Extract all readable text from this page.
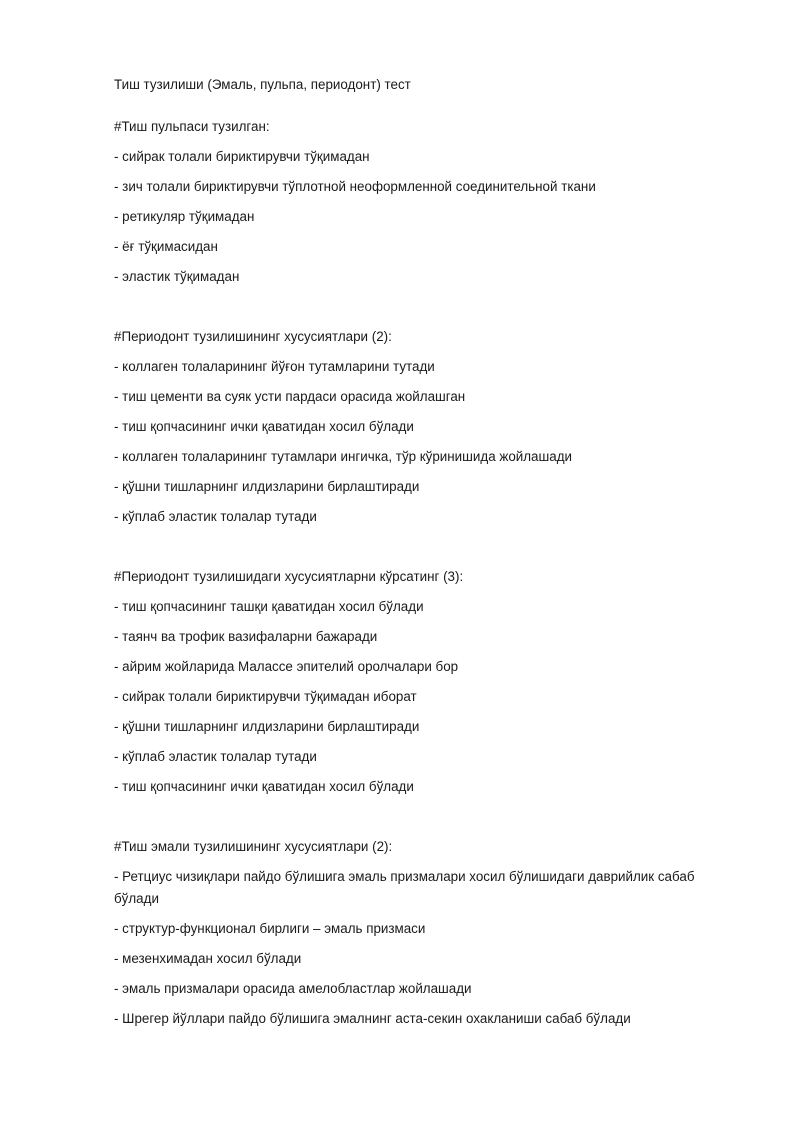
Тиш тузилиши (Эмаль, пульпа, периодонт) тест

#Тиш пульпаси тузилган:

- сийрак толали бириктирувчи тўқимадан

- зич толали бириктирувчи тўплотной неоформленной соединительной ткани

- ретикуляр тўқимадан

- ёғ тўқимасидан

- эластик тўқимадан

#Периодонт тузилишининг хусусиятлари (2):

- коллаген толаларининг йўғон тутамларини тутади

- тиш цементи ва суяк усти пардаси орасида жойлашган

- тиш қопчасининг ички қаватидан хосил бўлади

- коллаген толаларининг тутамлари ингичка, тўр кўринишида жойлашади

- қўшни тишларнинг илдизларини бирлаштиради

- кўплаб эластик толалар тутади

#Периодонт тузилишидаги хусусиятларни кўрсатинг (3):

- тиш қопчасининг ташқи қаватидан хосил бўлади

- таянч ва трофик вазифаларни бажаради

- айрим жойларида Малассе эпителий оролчалари бор

- сийрак толали бириктирувчи тўқимадан иборат

- қўшни тишларнинг илдизларини бирлаштиради

- кўплаб эластик толалар тутади

- тиш қопчасининг ички қаватидан хосил бўлади

#Тиш эмали тузилишининг хусусиятлари (2):

- Ретциус чизиқлари пайдо бўлишига эмаль призмалари хосил бўлишидаги даврийлик сабаб бўлади

- структур-функционал бирлиги – эмаль призмаси

- мезенхимадан хосил бўлади

- эмаль призмалари орасида амелобластлар жойлашади

- Шрегер йўллари пайдо бўлишига эмалнинг аста-секин охакланиши сабаб бўлади
